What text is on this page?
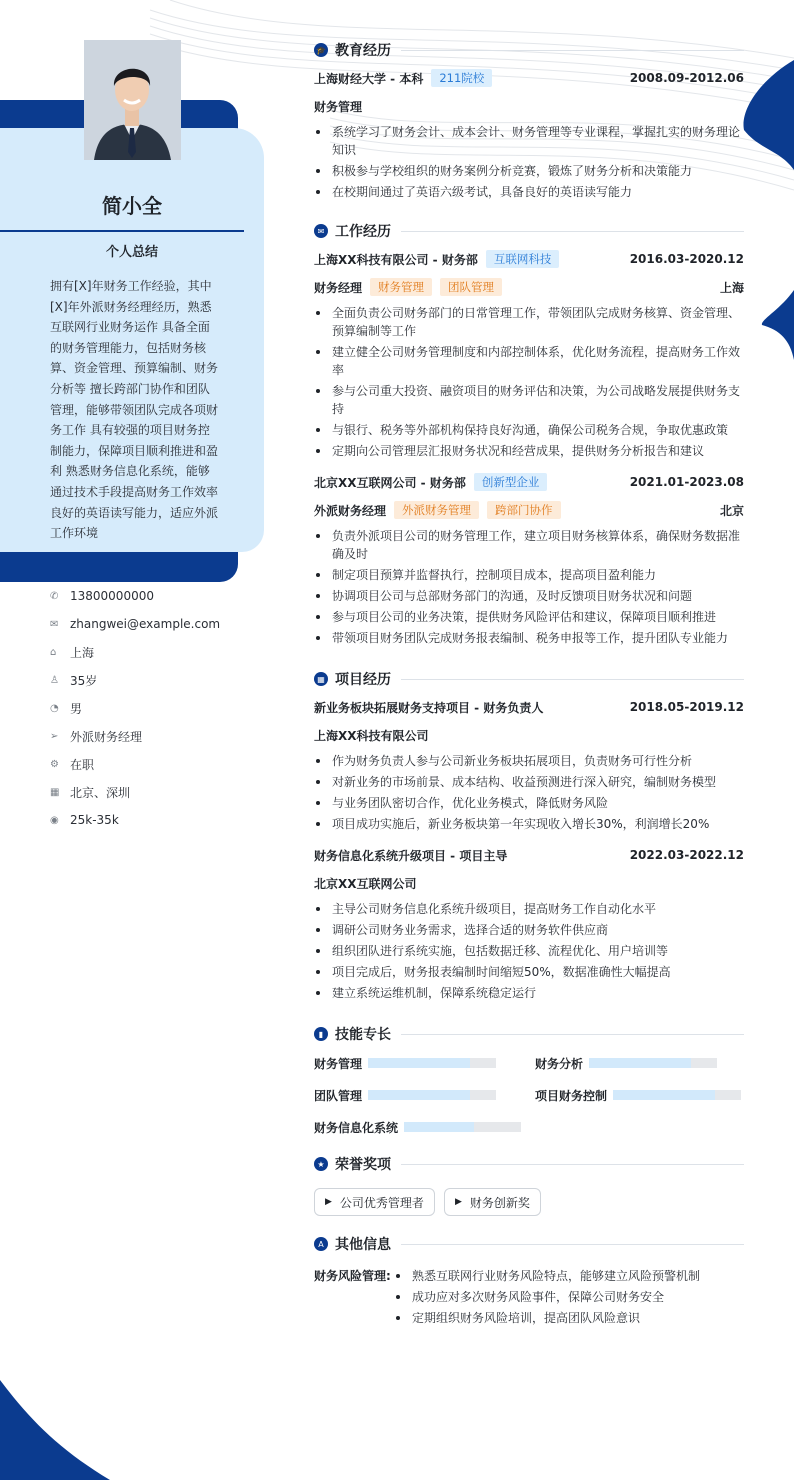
简小全
个人总结
拥有[X]年财务工作经验，其中[X]年外派财务经理经历，熟悉互联网行业财务运作 具备全面的财务管理能力，包括财务核算、资金管理、预算编制、财务分析等 擅长跨部门协作和团队管理，能够带领团队完成各项财务工作 具有较强的项目财务控制能力，保障项目顺利推进和盈利 熟悉财务信息化系统，能够通过技术手段提高财务工作效率 良好的英语读写能力，适应外派工作环境
✆ 13800000000
✉ zhangwei@example.com
⌂	上海
♙ 35岁
◔ 男
➢ 外派财务经理
⚙ 在职
▦ 北京、深圳
◉ 25k-35k
🎓 教育经历
上海财经大学 - 本科	211院校	2008.09-2012.06
财务管理
系统学习了财务会计、成本会计、财务管理等专业课程，掌握扎实的财务理论知识
积极参与学校组织的财务案例分析竞赛，锻炼了财务分析和决策能力
在校期间通过了英语六级考试，具备良好的英语读写能力
✉ 工作经历
上海XX科技有限公司 - 财务部	互联网科技	2016.03-2020.12
财务经理	财务管理	团队管理	上海
全面负责公司财务部门的日常管理工作，带领团队完成财务核算、资金管理、预算编制等工作
建立健全公司财务管理制度和内部控制体系，优化财务流程，提高财务工作效率
参与公司重大投资、融资项目的财务评估和决策，为公司战略发展提供财务支持
与银行、税务等外部机构保持良好沟通，确保公司税务合规，争取优惠政策
定期向公司管理层汇报财务状况和经营成果，提供财务分析报告和建议
北京XX互联网公司 - 财务部	创新型企业	2021.01-2023.08
外派财务经理	外派财务管理	跨部门协作	北京
负责外派项目公司的财务管理工作，建立项目财务核算体系，确保财务数据准确及时
制定项目预算并监督执行，控制项目成本，提高项目盈利能力
协调项目公司与总部财务部门的沟通，及时反馈项目财务状况和问题
参与项目公司的业务决策，提供财务风险评估和建议，保障项目顺利推进
带领项目财务团队完成财务报表编制、税务申报等工作，提升团队专业能力
▦ 项目经历
新业务板块拓展财务支持项目 - 财务负责人	2018.05-2019.12
上海XX科技有限公司
作为财务负责人参与公司新业务板块拓展项目，负责财务可行性分析
对新业务的市场前景、成本结构、收益预测进行深入研究，编制财务模型
与业务团队密切合作，优化业务模式，降低财务风险
项目成功实施后，新业务板块第一年实现收入增长30%，利润增长20%
财务信息化系统升级项目 - 项目主导	2022.03-2022.12
北京XX互联网公司
主导公司财务信息化系统升级项目，提高财务工作自动化水平
调研公司财务业务需求，选择合适的财务软件供应商
组织团队进行系统实施，包括数据迁移、流程优化、用户培训等
项目完成后，财务报表编制时间缩短50%，数据准确性大幅提高
建立系统运维机制，保障系统稳定运行
▮ 技能专长
财务管理	财务分析
团队管理	项目财务控制
财务信息化系统
★ 荣誉奖项
▶ 公司优秀管理者	▶ 财务创新奖
A 其他信息
财务风险管理:	熟悉互联网行业财务风险特点，能够建立风险预警机制
成功应对多次财务风险事件，保障公司财务安全
定期组织财务风险培训，提高团队风险意识
